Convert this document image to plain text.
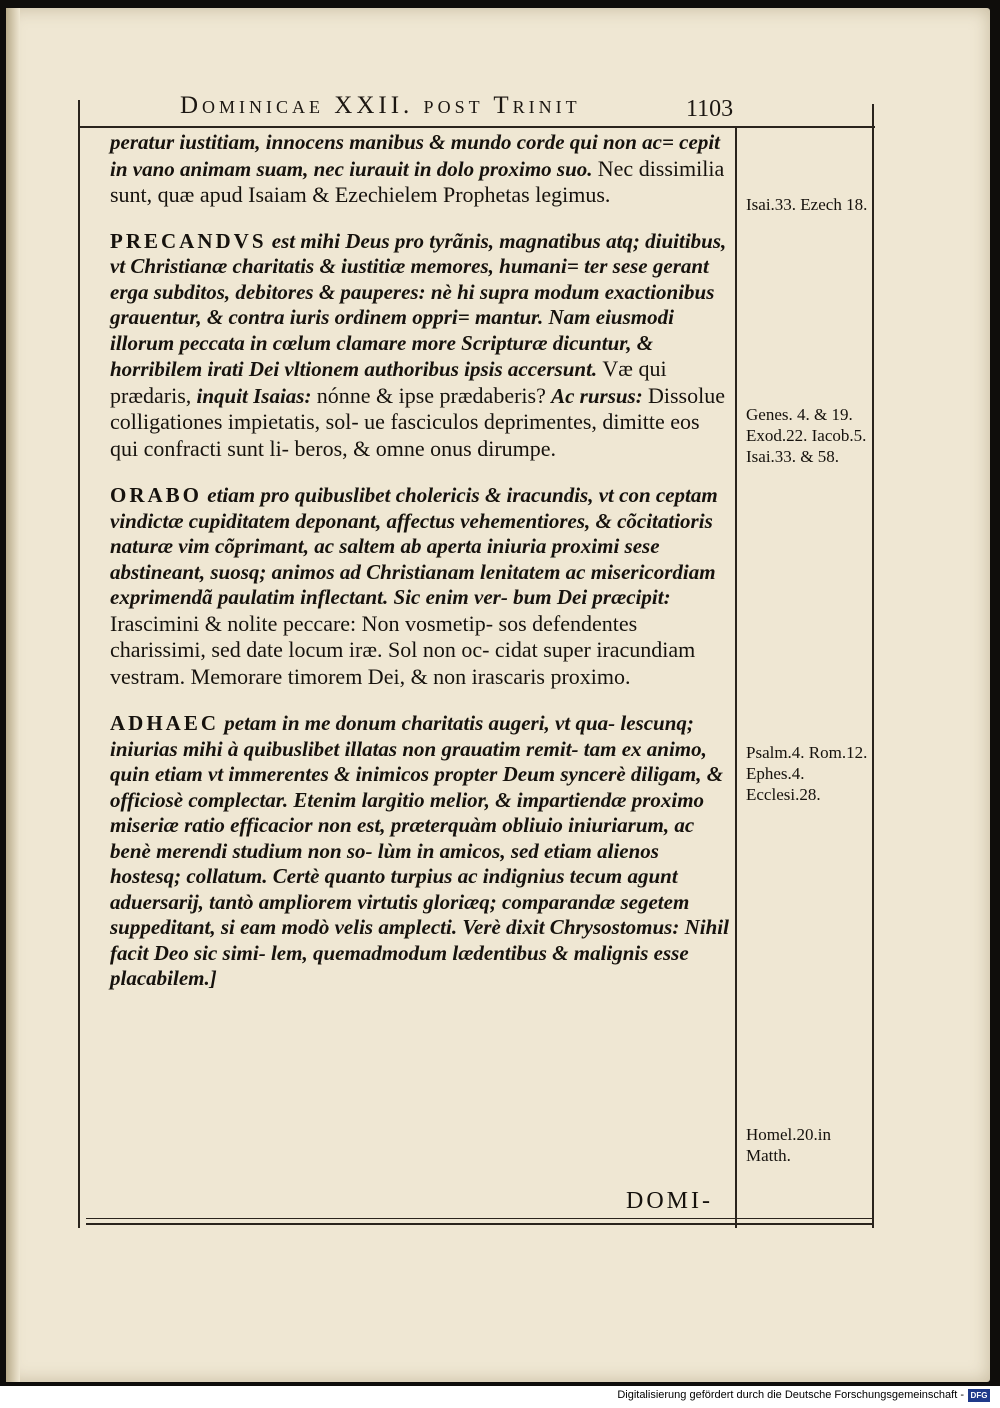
Dominicae XXII. post Trinit	1103

peratur iustitiam, innocens manibus & mundo corde qui non ac= cepit in vano animam suam, nec iurauit in dolo proximo suo. Nec dissimilia sunt, quæ apud Isaiam & Ezechielem Prophetas legimus.

PRECANDVS est mihi Deus pro tyrãnis, magnatibus atq; diuitibus, vt Christianæ charitatis & iustitiæ memores, humani= ter sese gerant erga subditos, debitores & pauperes: nè hi supra modum exactionibus grauentur, & contra iuris ordinem oppri= mantur. Nam eiusmodi illorum peccata in cœlum clamare more Scripturæ dicuntur, & horribilem irati Dei vltionem authoribus ipsis accersunt. Væ qui prædaris, inquit Isaias: nónne & ipse prædaberis? Ac rursus: Dissolue colligationes impietatis, sol- ue fasciculos deprimentes, dimitte eos qui confracti sunt li- beros, & omne onus dirumpe.

ORABO etiam pro quibuslibet cholericis & iracundis, vt con ceptam vindictæ cupiditatem deponant, affectus vehementiores, & cõcitatioris naturæ vim cõprimant, ac saltem ab aperta iniuria proximi sese abstineant, suosq; animos ad Christianam lenitatem ac misericordiam exprimendã paulatim inflectant. Sic enim ver- bum Dei præcipit: Irascimini & nolite peccare: Non vosmetip- sos defendentes charissimi, sed date locum iræ. Sol non oc- cidat super iracundiam vestram. Memorare timorem Dei, & non irascaris proximo.

ADHAEC petam in me donum charitatis augeri, vt qua- lescunq; iniurias mihi à quibuslibet illatas non grauatim remit- tam ex animo, quin etiam vt immerentes & inimicos propter Deum syncerè diligam, & officiosè complectar. Etenim largitio melior, & impartiendæ proximo miseriæ ratio efficacior non est, præterquàm obliuio iniuriarum, ac benè merendi studium non so- lùm in amicos, sed etiam alienos hostesq; collatum. Certè quanto turpius ac indignius tecum agunt aduersarij, tantò ampliorem virtutis gloriæq; comparandæ segetem suppeditant, si eam modò velis amplecti. Verè dixit Chrysostomus: Nihil facit Deo sic simi- lem, quemadmodum lædentibus & malignis esse placabilem.]

Isai.33. Ezech 18.
Genes. 4. & 19. Exod.22. Iacob.5. Isai.33. & 58.
Psalm.4. Rom.12. Ephes.4. Ecclesi.28.
Homel.20.in Matth.
DOMI-
Digitalisierung gefördert durch die Deutsche Forschungsgemeinschaft - DFG
